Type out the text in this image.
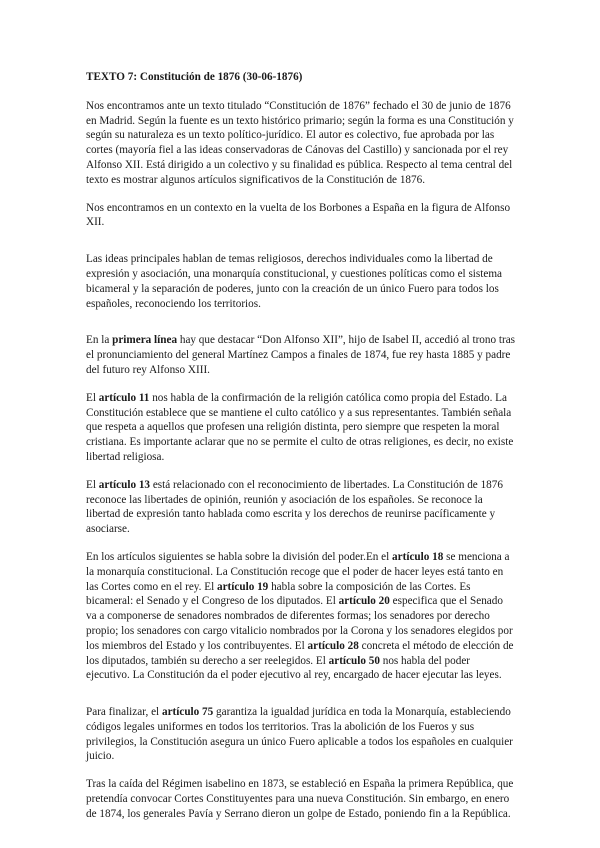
TEXTO 7: Constitución de 1876 (30-06-1876)

Nos encontramos ante un texto titulado “Constitución de 1876” fechado el 30 de junio de 1876 en Madrid. Según la fuente es un texto histórico primario; según la forma es una Constitución y según su naturaleza es un texto político-jurídico. El autor es colectivo, fue aprobada por las cortes (mayoría fiel a las ideas conservadoras de Cánovas del Castillo) y sancionada por el rey Alfonso XII. Está dirigido a un colectivo y su finalidad es pública. Respecto al tema central del texto es mostrar algunos artículos significativos de la Constitución de 1876.

Nos encontramos en un contexto en la vuelta de los Borbones a España en la figura de Alfonso XII.

Las ideas principales hablan de temas religiosos, derechos individuales como la libertad de expresión y asociación, una monarquía constitucional, y cuestiones políticas como el sistema bicameral y la separación de poderes, junto con la creación de un único Fuero para todos los españoles, reconociendo los territorios.

En la primera línea hay que destacar “Don Alfonso XII”, hijo de Isabel II, accedió al trono tras el pronunciamiento del general Martínez Campos a finales de 1874, fue rey hasta 1885 y padre del futuro rey Alfonso XIII.

El artículo 11 nos habla de la confirmación de la religión católica como propia del Estado. La Constitución establece que se mantiene el culto católico y a sus representantes. También señala que respeta a aquellos que profesen una religión distinta, pero siempre que respeten la moral cristiana. Es importante aclarar que no se permite el culto de otras religiones, es decir, no existe libertad religiosa.

El artículo 13 está relacionado con el reconocimiento de libertades. La Constitución de 1876 reconoce las libertades de opinión, reunión y asociación de los españoles. Se reconoce la libertad de expresión tanto hablada como escrita y los derechos de reunirse pacíficamente y asociarse.

En los artículos siguientes se habla sobre la división del poder.En el artículo 18 se menciona a la monarquía constitucional. La Constitución recoge que el poder de hacer leyes está tanto en las Cortes como en el rey. El artículo 19 habla sobre la composición de las Cortes. Es bicameral: el Senado y el Congreso de los diputados. El artículo 20 especifica que el Senado va a componerse de senadores nombrados de diferentes formas; los senadores por derecho propio; los senadores con cargo vitalicio nombrados por la Corona y los senadores elegidos por los miembros del Estado y los contribuyentes. El artículo 28 concreta el método de elección de los diputados, también su derecho a ser reelegidos. El artículo 50 nos habla del poder ejecutivo. La Constitución da el poder ejecutivo al rey, encargado de hacer ejecutar las leyes.

Para finalizar, el artículo 75 garantiza la igualdad jurídica en toda la Monarquía, estableciendo códigos legales uniformes en todos los territorios. Tras la abolición de los Fueros y sus privilegios, la Constitución asegura un único Fuero aplicable a todos los españoles en cualquier juicio.

Tras la caída del Régimen isabelino en 1873, se estableció en España la primera República, que pretendía convocar Cortes Constituyentes para una nueva Constitución. Sin embargo, en enero de 1874, los generales Pavía y Serrano dieron un golpe de Estado, poniendo fin a la República.
